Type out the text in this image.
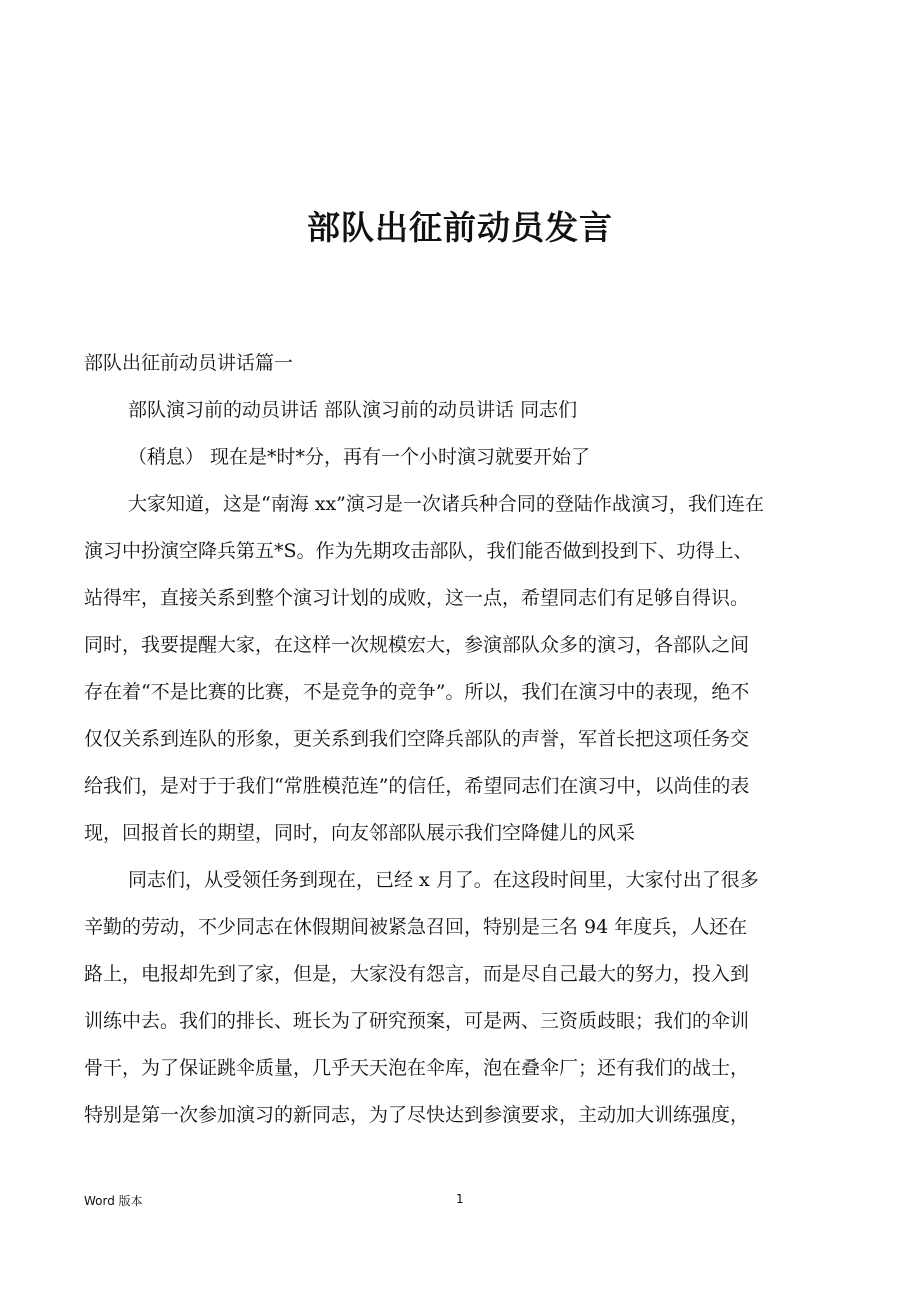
部队出征前动员发言
部队出征前动员讲话篇一
部队演习前的动员讲话 部队演习前的动员讲话 同志们
（稍息） 现在是*时*分，再有一个小时演习就要开始了
大家知道，这是“南海 xx”演习是一次诸兵种合同的登陆作战演习，我们连在
演习中扮演空降兵第五*S。作为先期攻击部队，我们能否做到投到下、功得上、
站得牢，直接关系到整个演习计划的成败，这一点，希望同志们有足够自得识。
同时，我要提醒大家，在这样一次规模宏大，参演部队众多的演习，各部队之间
存在着“不是比赛的比赛，不是竞争的竞争”。所以，我们在演习中的表现，绝不
仅仅关系到连队的形象，更关系到我们空降兵部队的声誉，军首长把这项任务交
给我们，是对于于我们“常胜模范连”的信任，希望同志们在演习中，以尚佳的表
现，回报首长的期望，同时，向友邻部队展示我们空降健儿的风采
同志们，从受领任务到现在，已经 x 月了。在这段时间里，大家付出了很多
辛勤的劳动，不少同志在休假期间被紧急召回，特别是三名 94 年度兵，人还在
路上，电报却先到了家，但是，大家没有怨言，而是尽自己最大的努力，投入到
训练中去。我们的排长、班长为了研究预案，可是两、三资质歧眼；我们的伞训
骨干，为了保证跳伞质量，几乎天天泡在伞库，泡在叠伞厂；还有我们的战士，
特别是第一次参加演习的新同志，为了尽快达到参演要求，主动加大训练强度，
Word 版本	1
